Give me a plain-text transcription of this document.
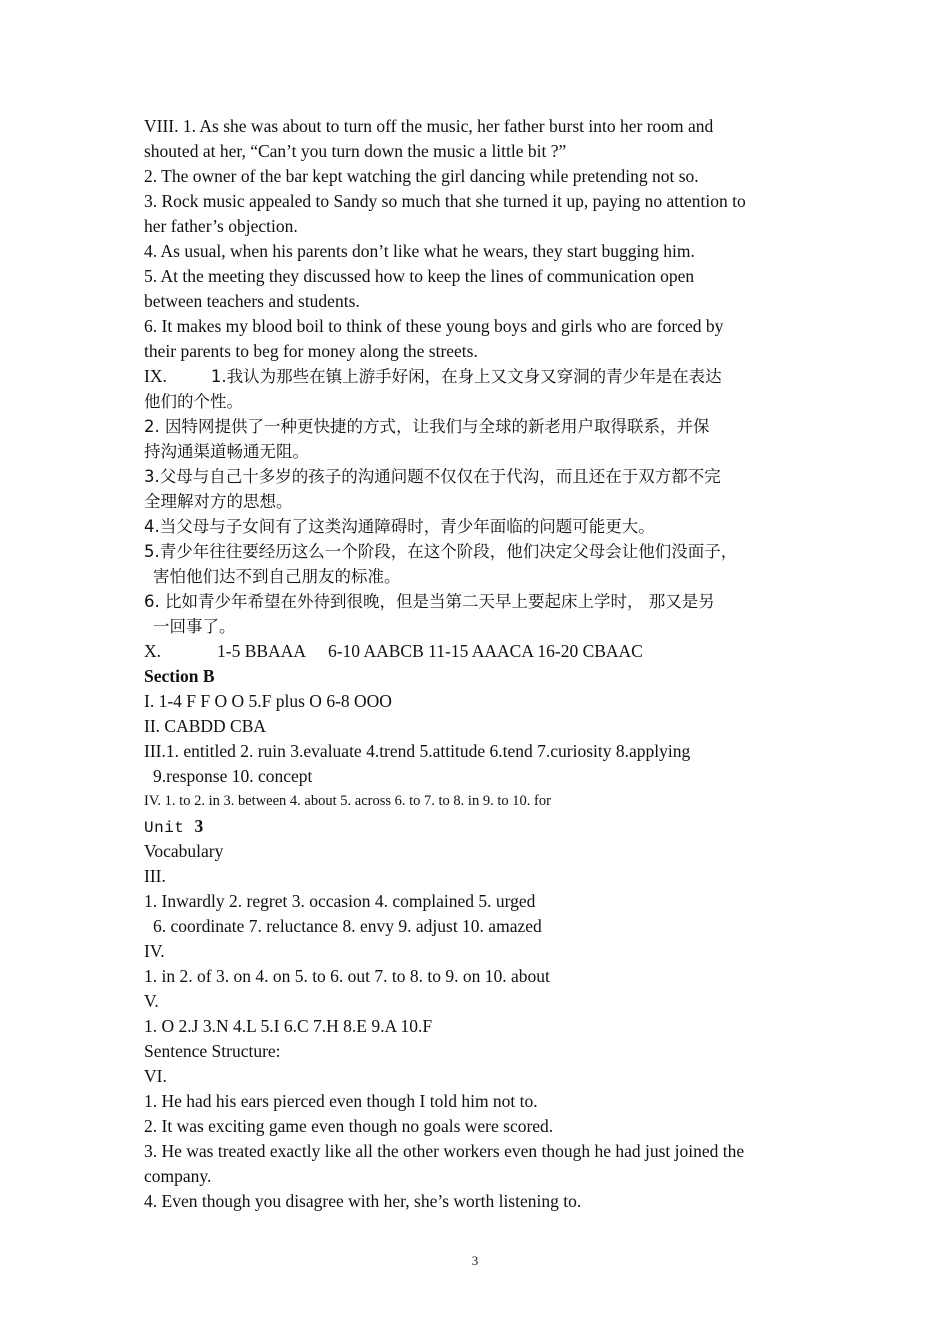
VIII. 1. As she was about to turn off the music, her father burst into her room and
shouted at her, “Can’t you turn down the music a little bit ?”
2. The owner of the bar kept watching the girl dancing while pretending not so.
3. Rock music appealed to Sandy so much that she turned it up, paying no attention to
her father’s objection.
4. As usual, when his parents don’t like what he wears, they start bugging him.
5. At the meeting they discussed how to keep the lines of communication open
between teachers and students.
6. It makes my blood boil to think of these young boys and girls who are forced by
their parents to beg for money along the streets.
IX.	1.我认为那些在镇上游手好闲，在身上又文身又穿洞的青少年是在表达
他们的个性。
2. 因特网提供了一种更快捷的方式，让我们与全球的新老用户取得联系，并保
持沟通渠道畅通无阻。
3.父母与自己十多岁的孩子的沟通问题不仅仅在于代沟，而且还在于双方都不完
全理解对方的思想。
4.当父母与子女间有了这类沟通障碍时，青少年面临的问题可能更大。
5.青少年往往要经历这么一个阶段，在这个阶段，他们决定父母会让他们没面子，
害怕他们达不到自己朋友的标准。
6. 比如青少年希望在外待到很晚，但是当第二天早上要起床上学时， 那又是另
一回事了。
X.	1-5 BBAAA 6-10 AABCB 11-15 AAACA 16-20 CBAAC
Section B
I. 1-4 F F O O 5.F plus O 6-8 OOO
II. CABDD CBA
III.1. entitled 2. ruin 3.evaluate 4.trend 5.attitude 6.tend 7.curiosity 8.applying
9.response 10. concept
IV. 1. to 2. in 3. between 4. about 5. across 6. to 7. to 8. in 9. to 10. for
Unit 3
Vocabulary
III.
1. Inwardly 2. regret 3. occasion 4. complained 5. urged
6. coordinate 7. reluctance 8. envy 9. adjust 10. amazed
IV.
1. in 2. of 3. on 4. on 5. to 6. out 7. to 8. to 9. on 10. about
V.
1. O 2.J 3.N 4.L 5.I 6.C 7.H 8.E 9.A 10.F
Sentence Structure:
VI.
1. He had his ears pierced even though I told him not to.
2. It was exciting game even though no goals were scored.
3. He was treated exactly like all the other workers even though he had just joined the
company.
4. Even though you disagree with her, she’s worth listening to.
3
